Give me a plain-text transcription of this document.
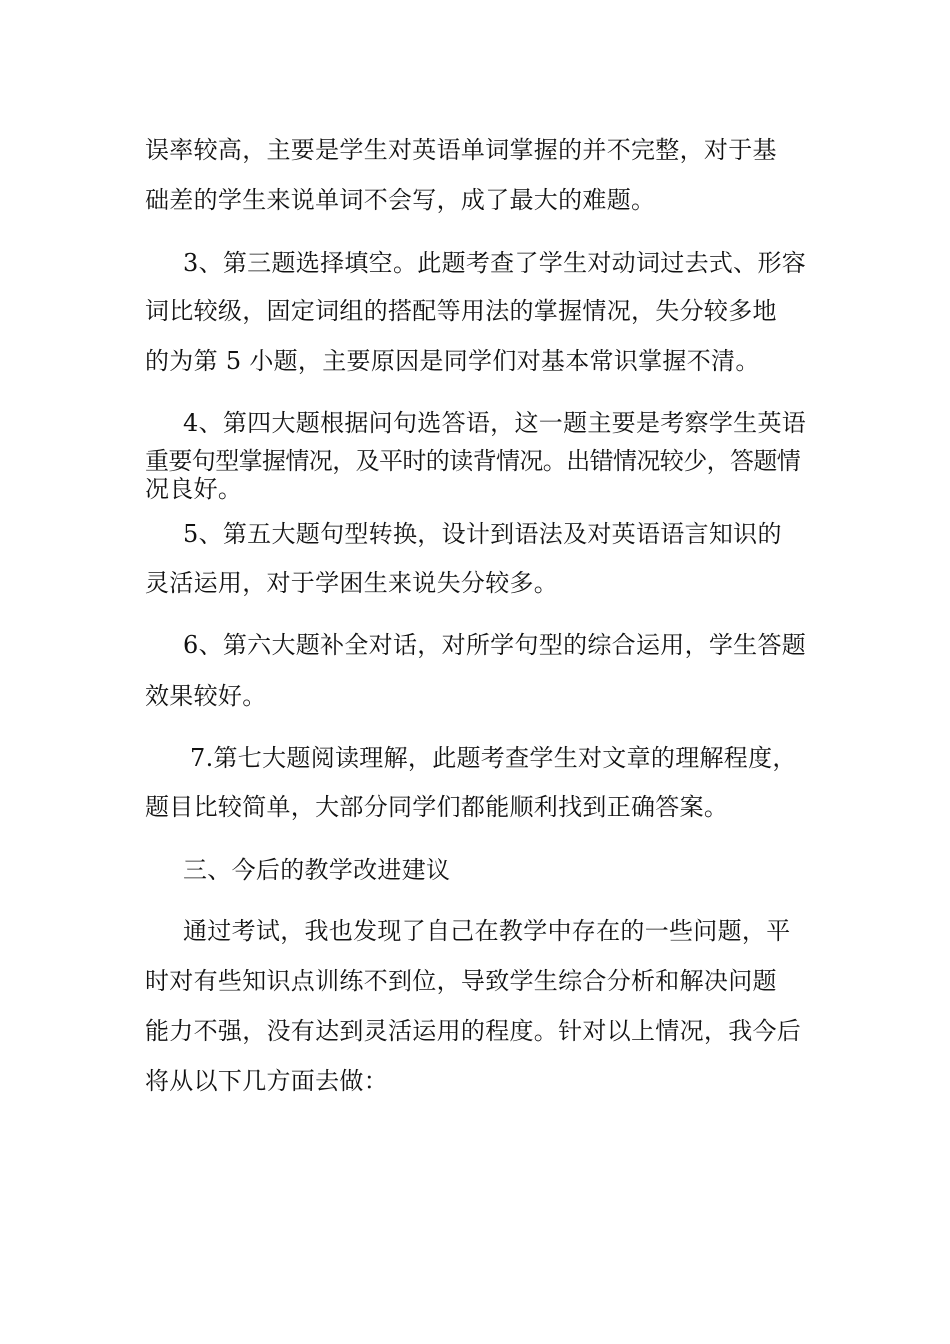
误率较高，主要是学生对英语单词掌握的并不完整，对于基
础差的学生来说单词不会写，成了最大的难题。
3、第三题选择填空。此题考查了学生对动词过去式、形容
词比较级，固定词组的搭配等用法的掌握情况，失分较多地
的为第 5 小题，主要原因是同学们对基本常识掌握不清。
4、第四大题根据问句选答语，这一题主要是考察学生英语
重要句型掌握情况，及平时的读背情况。出错情况较少，答题情
况良好。
5、第五大题句型转换，设计到语法及对英语语言知识的
灵活运用，对于学困生来说失分较多。
6、第六大题补全对话，对所学句型的综合运用，学生答题
效果较好。
7.第七大题阅读理解，此题考查学生对文章的理解程度，
题目比较简单，大部分同学们都能顺利找到正确答案。
三、今后的教学改进建议
通过考试，我也发现了自己在教学中存在的一些问题，平
时对有些知识点训练不到位，导致学生综合分析和解决问题
能力不强，没有达到灵活运用的程度。针对以上情况，我今后
将从以下几方面去做：
